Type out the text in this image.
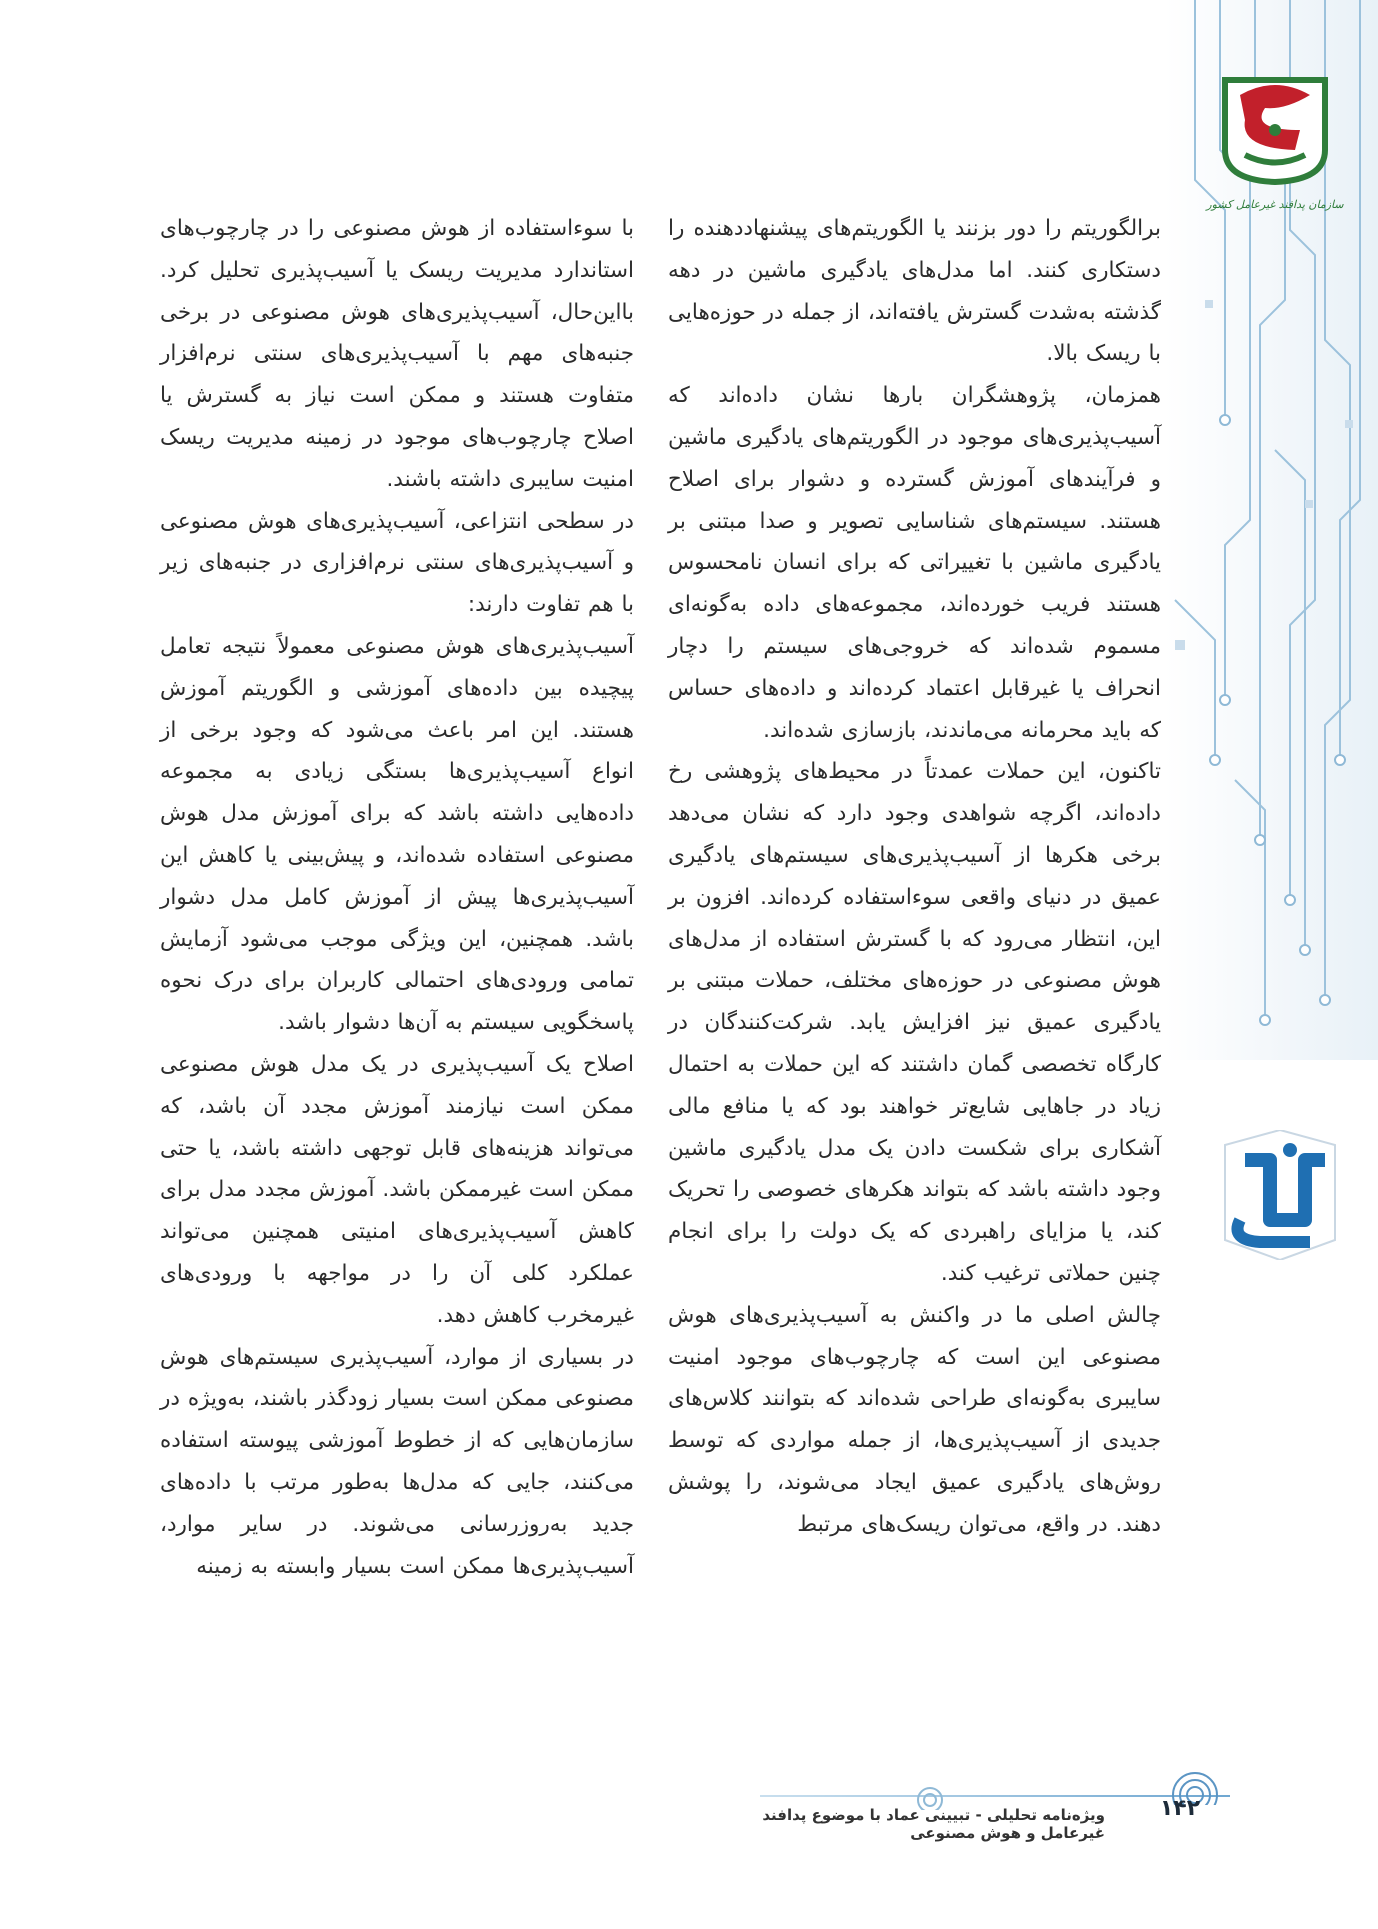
سازمان پدافند غیرعامل کشور

برالگوریتم را دور بزنند یا الگوریتم‌های پیشنهاددهنده را دستکاری کنند. اما مدل‌های یادگیری ماشین در دهه گذشته به‌شدت گسترش یافته‌اند، از جمله در حوزه‌هایی با ریسک بالا.

همزمان، پژوهشگران بارها نشان داده‌اند که آسیب‌پذیری‌های موجود در الگوریتم‌های یادگیری ماشین و فرآیندهای آموزش گسترده و دشوار برای اصلاح هستند. سیستم‌های شناسایی تصویر و صدا مبتنی بر یادگیری ماشین با تغییراتی که برای انسان نامحسوس هستند فریب خورده‌اند، مجموعه‌های داده به‌گونه‌ای مسموم شده‌اند که خروجی‌های سیستم را دچار انحراف یا غیرقابل اعتماد کرده‌اند و داده‌های حساس که باید محرمانه می‌ماندند، بازسازی شده‌اند.

تاکنون، این حملات عمدتاً در محیط‌های پژوهشی رخ داده‌اند، اگرچه شواهدی وجود دارد که نشان می‌دهد برخی هکرها از آسیب‌پذیری‌های سیستم‌های یادگیری عمیق در دنیای واقعی سوءاستفاده کرده‌اند. افزون بر این، انتظار می‌رود که با گسترش استفاده از مدل‌های هوش مصنوعی در حوزه‌های مختلف، حملات مبتنی بر یادگیری عمیق نیز افزایش یابد. شرکت‌کنندگان در کارگاه تخصصی گمان داشتند که این حملات به احتمال زیاد در جاهایی شایع‌تر خواهند بود که یا منافع مالی آشکاری برای شکست دادن یک مدل یادگیری ماشین وجود داشته باشد که بتواند هکرهای خصوصی را تحریک کند، یا مزایای راهبردی که یک دولت را برای انجام چنین حملاتی ترغیب کند.

چالش اصلی ما در واکنش به آسیب‌پذیری‌های هوش مصنوعی این است که چارچوب‌های موجود امنیت سایبری به‌گونه‌ای طراحی شده‌اند که بتوانند کلاس‌های جدیدی از آسیب‌پذیری‌ها، از جمله مواردی که توسط روش‌های یادگیری عمیق ایجاد می‌شوند، را پوشش دهند. در واقع، می‌توان ریسک‌های مرتبط

با سوءاستفاده از هوش مصنوعی را در چارچوب‌های استاندارد مدیریت ریسک یا آسیب‌پذیری تحلیل کرد. بااین‌حال، آسیب‌پذیری‌های هوش مصنوعی در برخی جنبه‌های مهم با آسیب‌پذیری‌های سنتی نرم‌افزار متفاوت هستند و ممکن است نیاز به گسترش یا اصلاح چارچوب‌های موجود در زمینه مدیریت ریسک امنیت سایبری داشته باشند.

در سطحی انتزاعی، آسیب‌پذیری‌های هوش مصنوعی و آسیب‌پذیری‌های سنتی نرم‌افزاری در جنبه‌های زیر با هم تفاوت دارند:

آسیب‌پذیری‌های هوش مصنوعی معمولاً نتیجه تعامل پیچیده بین داده‌های آموزشی و الگوریتم آموزش هستند. این امر باعث می‌شود که وجود برخی از انواع آسیب‌پذیری‌ها بستگی زیادی به مجموعه داده‌هایی داشته باشد که برای آموزش مدل هوش مصنوعی استفاده شده‌اند، و پیش‌بینی یا کاهش این آسیب‌پذیری‌ها پیش از آموزش کامل مدل دشوار باشد. همچنین، این ویژگی موجب می‌شود آزمایش تمامی ورودی‌های احتمالی کاربران برای درک نحوه پاسخگویی سیستم به آن‌ها دشوار باشد.

اصلاح یک آسیب‌پذیری در یک مدل هوش مصنوعی ممکن است نیازمند آموزش مجدد آن باشد، که می‌تواند هزینه‌های قابل توجهی داشته باشد، یا حتی ممکن است غیرممکن باشد. آموزش مجدد مدل برای کاهش آسیب‌پذیری‌های امنیتی همچنین می‌تواند عملکرد کلی آن را در مواجهه با ورودی‌های غیرمخرب کاهش دهد.

در بسیاری از موارد، آسیب‌پذیری سیستم‌های هوش مصنوعی ممکن است بسیار زودگذر باشند، به‌ویژه در سازمان‌هایی که از خطوط آموزشی پیوسته استفاده می‌کنند، جایی که مدل‌ها به‌طور مرتب با داده‌های جدید به‌روزرسانی می‌شوند. در سایر موارد، آسیب‌پذیری‌ها ممکن است بسیار وابسته به زمینه

ویژه‌نامه تحلیلی - تبیینی عماد با موضوع پدافند غیرعامل و هوش مصنوعی
۱۴۲
